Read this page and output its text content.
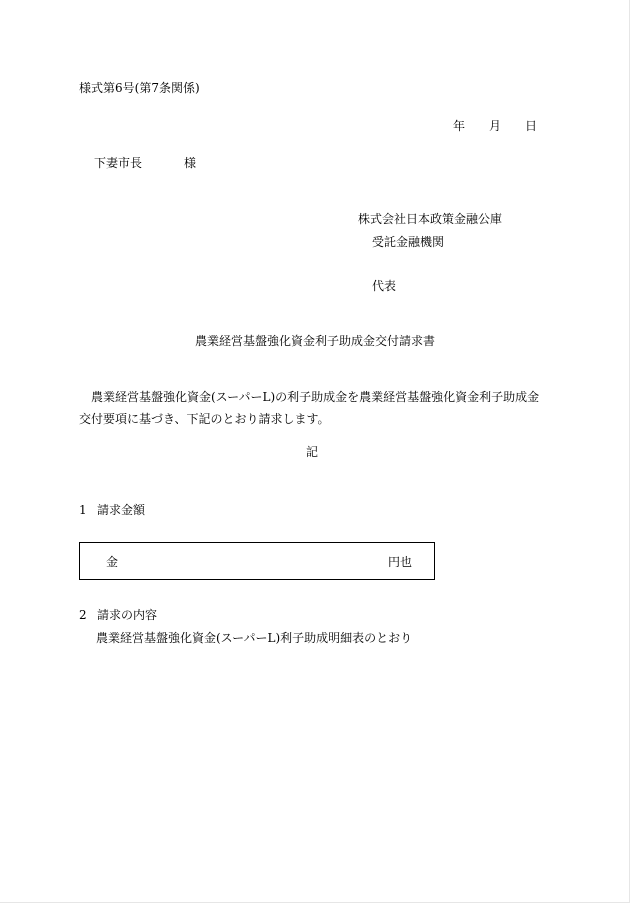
様式第6号(第7条関係)
年 月 日
下妻市長	様
株式会社日本政策金融公庫
受託金融機関
代表
農業経営基盤強化資金利子助成金交付請求書
農業経営基盤強化資金(スーパーL)の利子助成金を農業経営基盤強化資金利子助成金交付要項に基づき、下記のとおり請求します。
記
1 請求金額
金	円也
2 請求の内容
農業経営基盤強化資金(スーパーL)利子助成明細表のとおり
